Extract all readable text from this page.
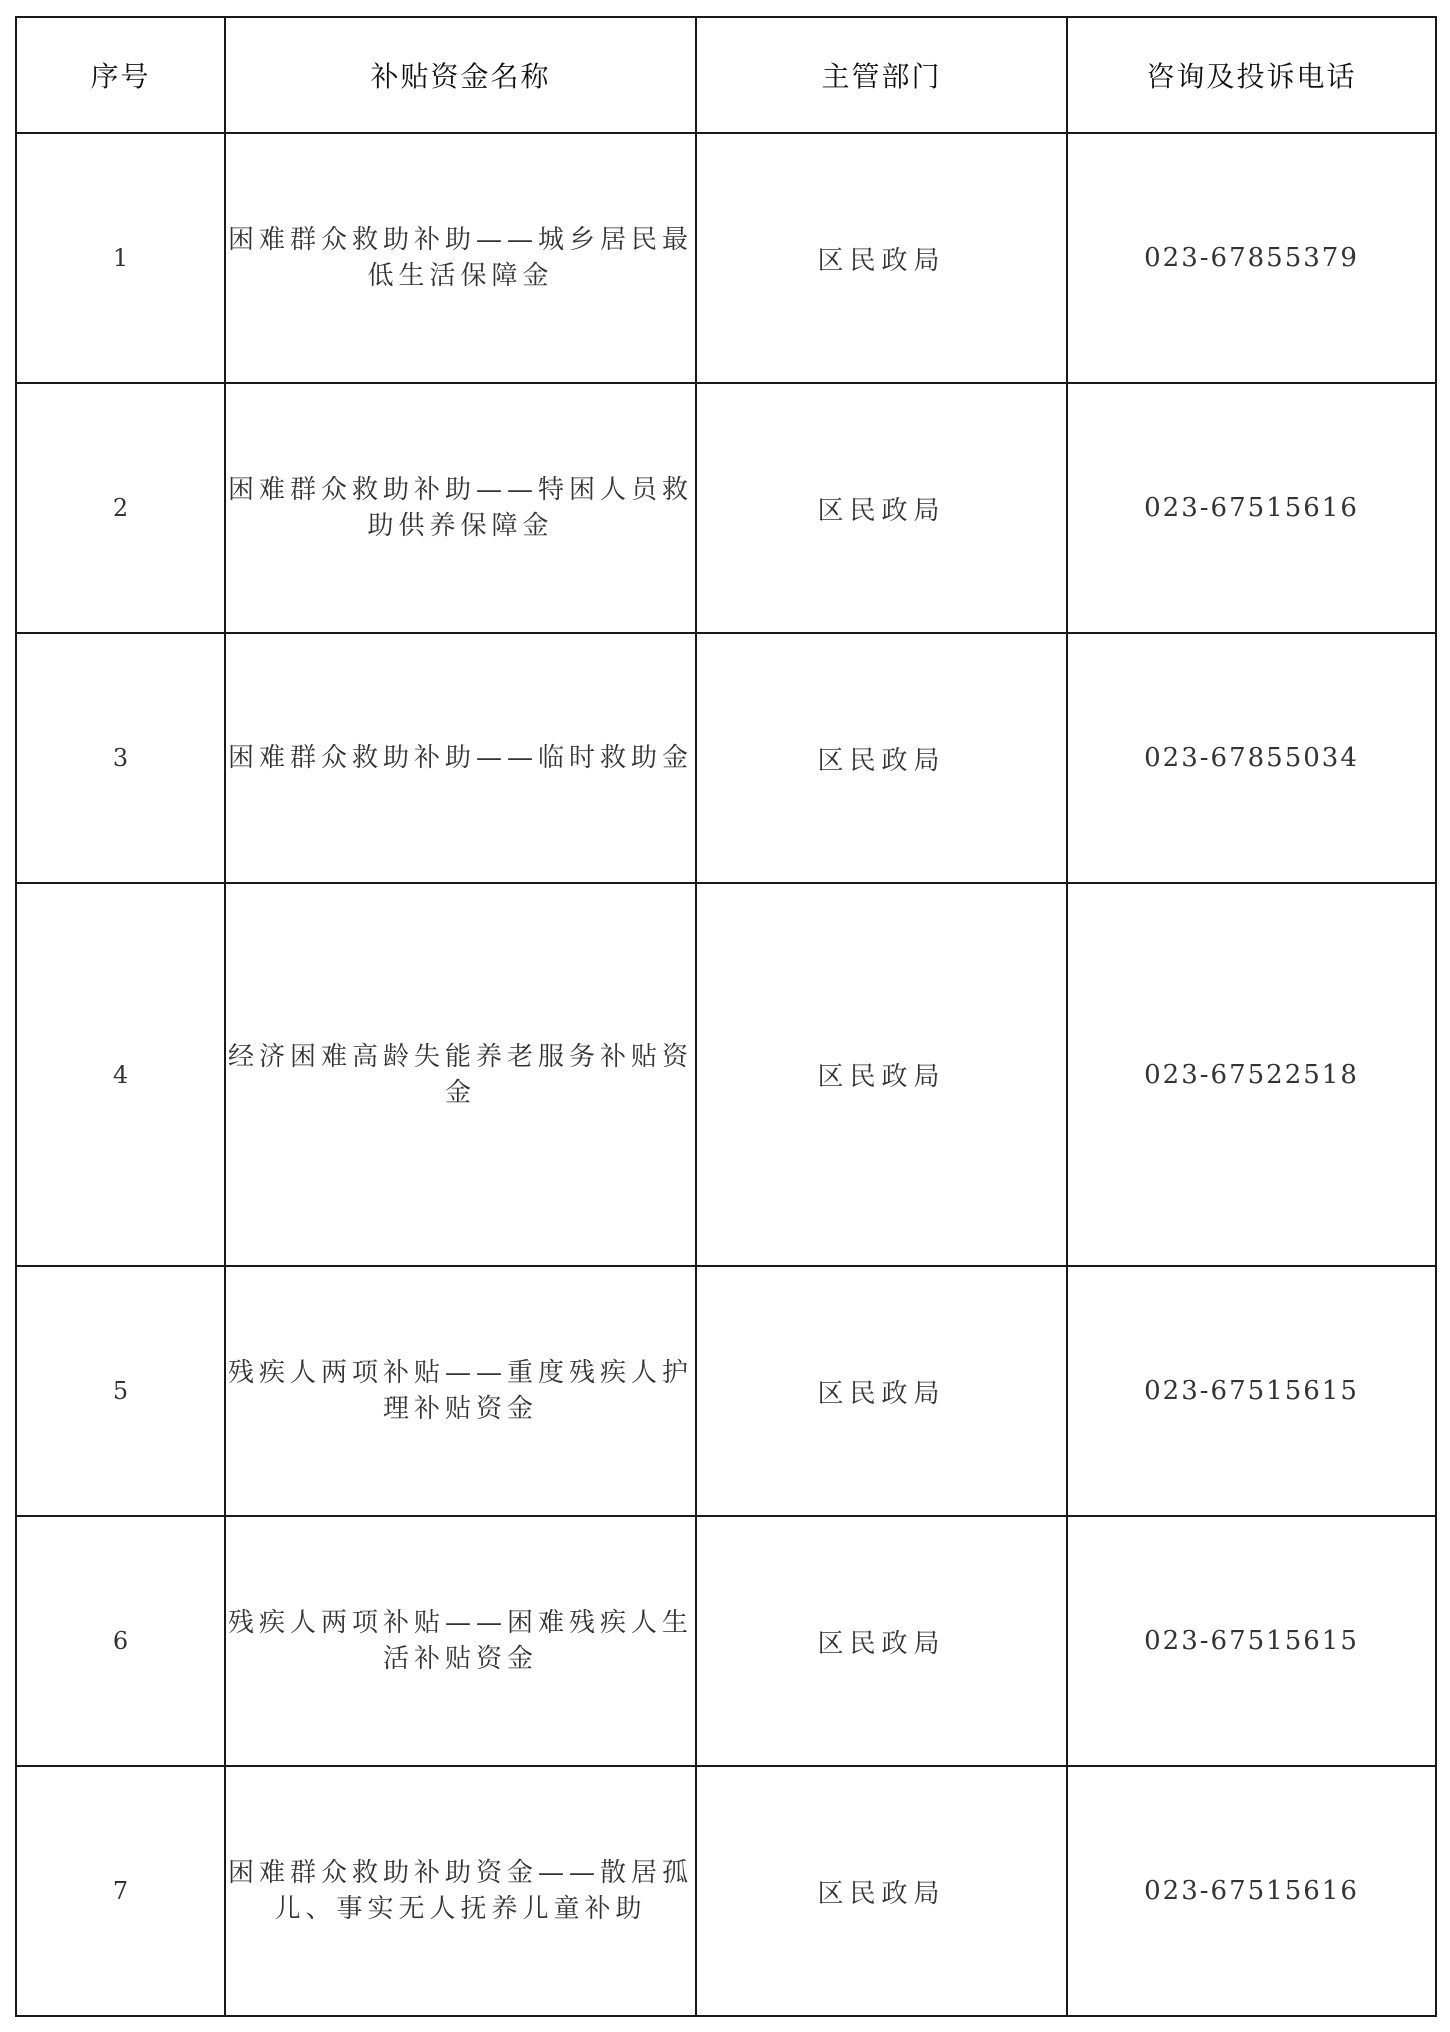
序号	补贴资金名称	主管部门	咨询及投诉电话
1	困难群众救助补助——城乡居民最低生活保障金	区民政局	023-67855379
2	困难群众救助补助——特困人员救助供养保障金	区民政局	023-67515616
3	困难群众救助补助——临时救助金	区民政局	023-67855034
4	经济困难高龄失能养老服务补贴资金	区民政局	023-67522518
5	残疾人两项补贴——重度残疾人护理补贴资金	区民政局	023-67515615
6	残疾人两项补贴——困难残疾人生活补贴资金	区民政局	023-67515615
7	困难群众救助补助资金——散居孤儿、事实无人抚养儿童补助	区民政局	023-67515616
